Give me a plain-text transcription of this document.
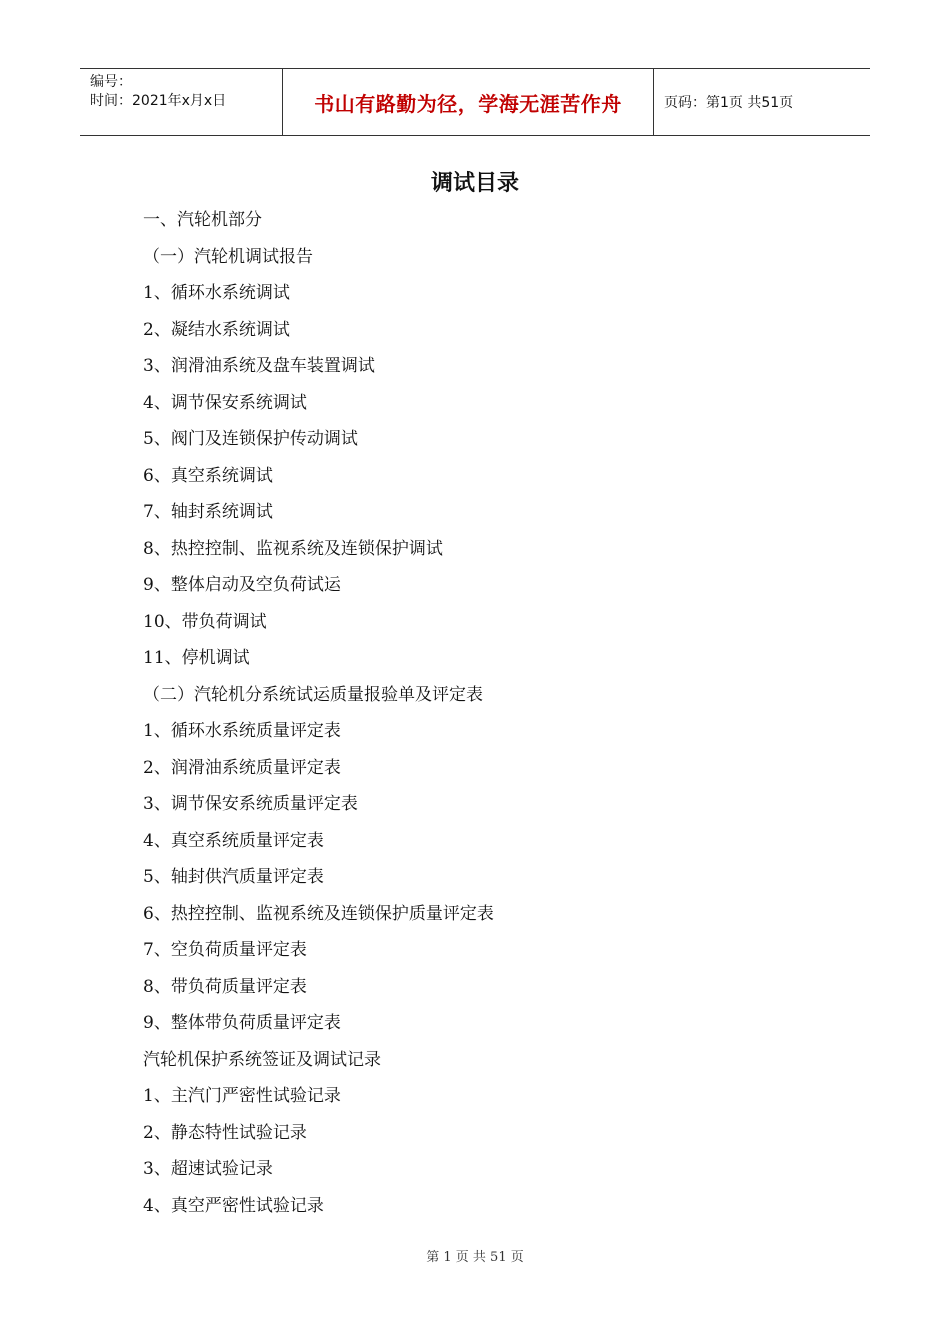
编号：
时间：2021年x月x日	书山有路勤为径，学海无涯苦作舟	页码：第1页 共51页
调试目录
一、汽轮机部分
（一）汽轮机调试报告
1、循环水系统调试
2、凝结水系统调试
3、润滑油系统及盘车装置调试
4、调节保安系统调试
5、阀门及连锁保护传动调试
6、真空系统调试
7、轴封系统调试
8、热控控制、监视系统及连锁保护调试
9、整体启动及空负荷试运
10、带负荷调试
11、停机调试
（二）汽轮机分系统试运质量报验单及评定表
1、循环水系统质量评定表
2、润滑油系统质量评定表
3、调节保安系统质量评定表
4、真空系统质量评定表
5、轴封供汽质量评定表
6、热控控制、监视系统及连锁保护质量评定表
7、空负荷质量评定表
8、带负荷质量评定表
9、整体带负荷质量评定表
汽轮机保护系统签证及调试记录
1、主汽门严密性试验记录
2、静态特性试验记录
3、超速试验记录
4、真空严密性试验记录
第 1 页 共 51 页
